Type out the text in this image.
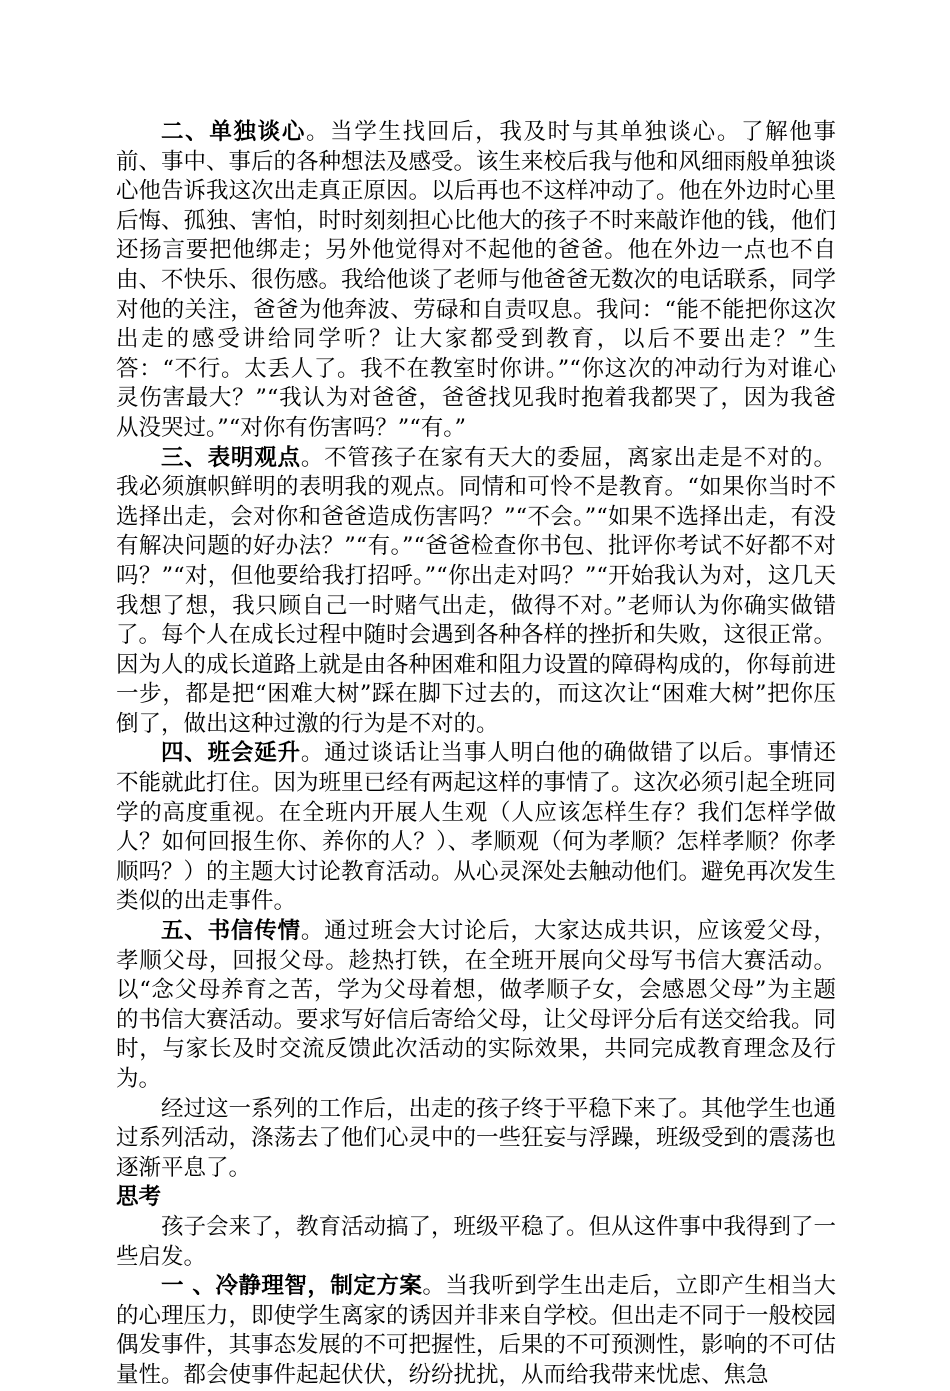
二、单独谈心。当学生找回后，我及时与其单独谈心。了解他事前、事中、事后的各种想法及感受。该生来校后我与他和风细雨般单独谈心他告诉我这次出走真正原因。以后再也不这样冲动了。他在外边时心里后悔、孤独、害怕，时时刻刻担心比他大的孩子不时来敲诈他的钱，他们还扬言要把他绑走；另外他觉得对不起他的爸爸。他在外边一点也不自由、不快乐、很伤感。我给他谈了老师与他爸爸无数次的电话联系，同学对他的关注，爸爸为他奔波、劳碌和自责叹息。我问：“能不能把你这次出走的感受讲给同学听？让大家都受到教育，以后不要出走？”生答：“不行。太丢人了。我不在教室时你讲。”“你这次的冲动行为对谁心灵伤害最大？”“我认为对爸爸，爸爸找见我时抱着我都哭了，因为我爸从没哭过。”“对你有伤害吗？”“有。”

三、表明观点。不管孩子在家有天大的委屈，离家出走是不对的。我必须旗帜鲜明的表明我的观点。同情和可怜不是教育。“如果你当时不选择出走，会对你和爸爸造成伤害吗？”“不会。”“如果不选择出走，有没有解决问题的好办法？”“有。”“爸爸检查你书包、批评你考试不好都不对吗？”“对，但他要给我打招呼。”“你出走对吗？”“开始我认为对，这几天我想了想，我只顾自己一时赌气出走，做得不对。”老师认为你确实做错了。每个人在成长过程中随时会遇到各种各样的挫折和失败，这很正常。因为人的成长道路上就是由各种困难和阻力设置的障碍构成的，你每前进一步，都是把“困难大树”踩在脚下过去的，而这次让“困难大树”把你压倒了，做出这种过激的行为是不对的。

四、班会延升。通过谈话让当事人明白他的确做错了以后。事情还不能就此打住。因为班里已经有两起这样的事情了。这次必须引起全班同学的高度重视。在全班内开展人生观（人应该怎样生存？我们怎样学做人？如何回报生你、养你的人？）、孝顺观（何为孝顺？怎样孝顺？你孝顺吗？）的主题大讨论教育活动。从心灵深处去触动他们。避免再次发生类似的出走事件。

五、书信传情。通过班会大讨论后，大家达成共识，应该爱父母，孝顺父母，回报父母。趁热打铁，在全班开展向父母写书信大赛活动。以“念父母养育之苦，学为父母着想，做孝顺子女，会感恩父母”为主题的书信大赛活动。要求写好信后寄给父母，让父母评分后有送交给我。同时，与家长及时交流反馈此次活动的实际效果，共同完成教育理念及行为。

经过这一系列的工作后，出走的孩子终于平稳下来了。其他学生也通过系列活动，涤荡去了他们心灵中的一些狂妄与浮躁，班级受到的震荡也逐渐平息了。

思考

孩子会来了，教育活动搞了，班级平稳了。但从这件事中我得到了一些启发。

一 、冷静理智，制定方案。当我听到学生出走后，立即产生相当大的心理压力，即使学生离家的诱因并非来自学校。但出走不同于一般校园偶发事件，其事态发展的不可把握性，后果的不可预测性，影响的不可估量性。都会使事件起起伏伏，纷纷扰扰，从而给我带来忧虑、焦急
